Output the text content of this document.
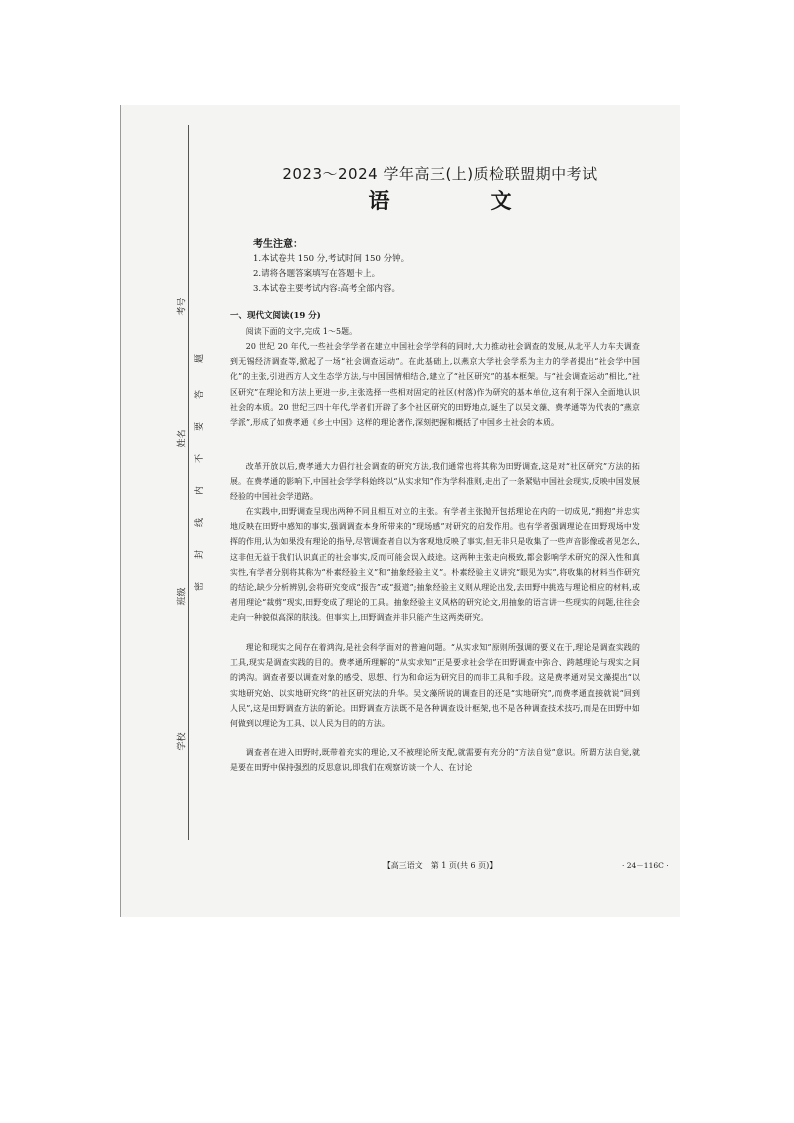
考号
姓名
班级
学校
题
答
要
不
内
线
封
密
2023～2024 学年高三(上)质检联盟期中考试
语　文
考生注意：
1.本试卷共 150 分,考试时间 150 分钟。
2.请将各题答案填写在答题卡上。
3.本试卷主要考试内容:高考全部内容。
一、现代文阅读(19 分)
阅读下面的文字,完成 1～5题。
20 世纪 20 年代,一些社会学学者在建立中国社会学学科的同时,大力推动社会调查的发展,从北平人力车夫调查到无锡经济调查等,掀起了一场“社会调查运动”。在此基础上,以燕京大学社会学系为主力的学者提出“社会学中国化”的主张,引进西方人文生态学方法,与中国国情相结合,建立了“社区研究”的基本框架。与“社会调查运动”相比,“社区研究”在理论和方法上更进一步,主张选择一些相对固定的社区(村落)作为研究的基本单位,这有利于深入全面地认识社会的本质。20 世纪三四十年代,学者们开辟了多个社区研究的田野地点,诞生了以吴文藻、费孝通等为代表的“燕京学派”,形成了如费孝通《乡土中国》这样的理论著作,深刻把握和概括了中国乡土社会的本质。
改革开放以后,费孝通大力倡行社会调查的研究方法,我们通常也将其称为田野调查,这是对“社区研究”方法的拓展。在费孝通的影响下,中国社会学学科始终以“从实求知”作为学科准则,走出了一条紧贴中国社会现实,反映中国发展经验的中国社会学道路。
在实践中,田野调查呈现出两种不同且相互对立的主张。有学者主张抛开包括理论在内的一切成见,“拥抱”并忠实地反映在田野中感知的事实,强调调查本身所带来的“现场感”对研究的启发作用。也有学者强调理论在田野现场中发挥的作用,认为如果没有理论的指导,尽管调查者自以为客观地反映了事实,但无非只是收集了一些声音影像或者见怎么,这非但无益于我们认识真正的社会事实,反而可能会误入歧途。这两种主张走向极致,都会影响学术研究的深入性和真实性,有学者分别将其称为“朴素经验主义”和“抽象经验主义”。朴素经验主义讲究“眼见为实”,将收集的材料当作研究的结论,缺少分析辨别,会将研究变成“报告”或“报道”;抽象经验主义则从理论出发,去田野中挑选与理论相应的材料,或者用理论“裁剪”现实,田野变成了理论的工具。抽象经验主义风格的研究论文,用抽象的语言讲一些现实的问题,往往会走向一种貌似高深的肤浅。但事实上,田野调查并非只能产生这两类研究。
理论和现实之间存在着鸿沟,是社会科学面对的普遍问题。“从实求知”原则所强调的要义在于,理论是调查实践的工具,现实是调查实践的目的。费孝通所理解的“从实求知”正是要求社会学在田野调查中弥合、跨越理论与现实之间的鸿沟。调查者要以调查对象的感受、思想、行为和命运为研究目的而非工具和手段。这是费孝通对吴文藻提出“以实地研究始、以实地研究终”的社区研究法的升华。吴文藻所说的调查目的还是“实地研究”,而费孝通直接就说“回到人民”,这是田野调查方法的新论。田野调查方法既不是各种调查设计框架,也不是各种调查技术技巧,而是在田野中如何做到以理论为工具、以人民为目的的方法。
调查者在进入田野时,既带着充实的理论,又不被理论所支配,就需要有充分的“方法自觉”意识。所谓方法自觉,就是要在田野中保持强烈的反思意识,即我们在观察访谈一个人、在讨论
【高三语文　第 1 页(共 6 页)】	· 24－116C ·
